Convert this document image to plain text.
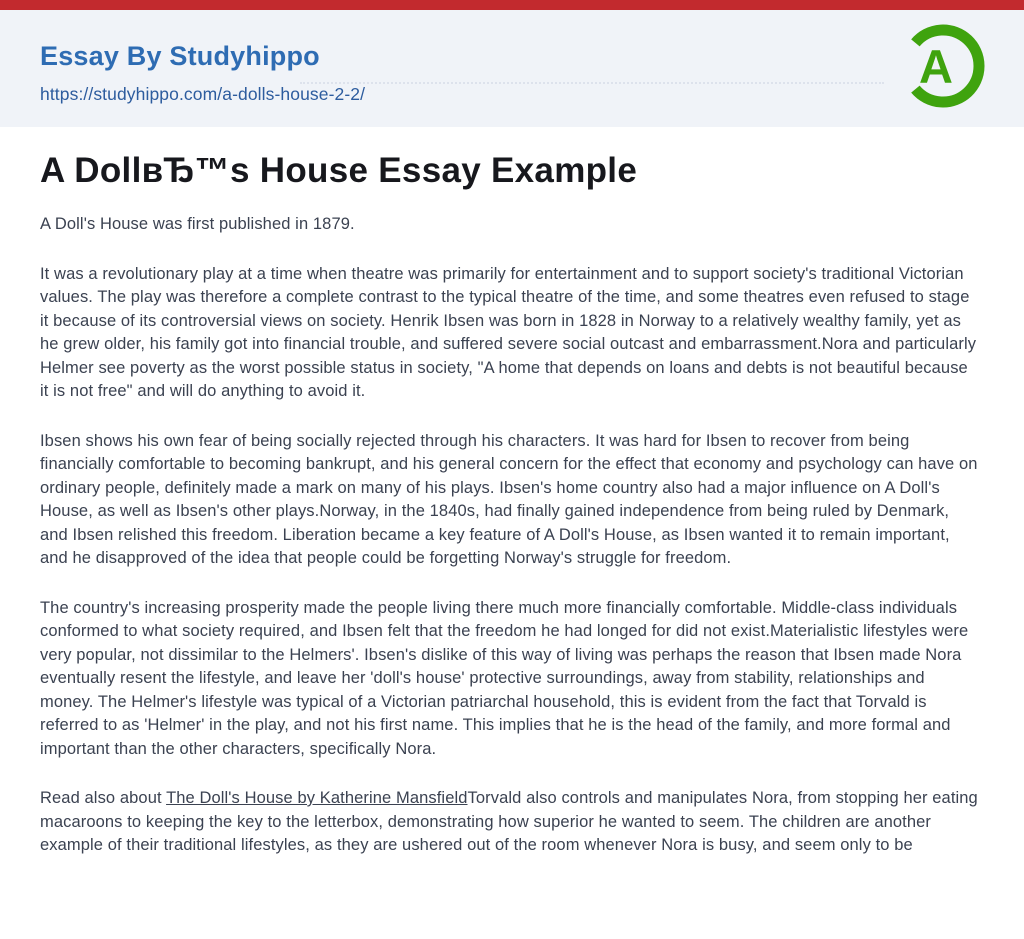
Essay By Studyhippo
https://studyhippo.com/a-dolls-house-2-2/
A
A DollвЂ™s House Essay Example

A Doll's House was first published in 1879.

It was a revolutionary play at a time when theatre was primarily for entertainment and to support society's traditional Victorian values. The play was therefore a complete contrast to the typical theatre of the time, and some theatres even refused to stage it because of its controversial views on society. Henrik Ibsen was born in 1828 in Norway to a relatively wealthy family, yet as he grew older, his family got into financial trouble, and suffered severe social outcast and embarrassment.Nora and particularly Helmer see poverty as the worst possible status in society, "A home that depends on loans and debts is not beautiful because it is not free" and will do anything to avoid it.

Ibsen shows his own fear of being socially rejected through his characters. It was hard for Ibsen to recover from being financially comfortable to becoming bankrupt, and his general concern for the effect that economy and psychology can have on ordinary people, definitely made a mark on many of his plays. Ibsen's home country also had a major influence on A Doll's House, as well as Ibsen's other plays.Norway, in the 1840s, had finally gained independence from being ruled by Denmark, and Ibsen relished this freedom. Liberation became a key feature of A Doll's House, as Ibsen wanted it to remain important, and he disapproved of the idea that people could be forgetting Norway's struggle for freedom.

The country's increasing prosperity made the people living there much more financially comfortable. Middle-class individuals conformed to what society required, and Ibsen felt that the freedom he had longed for did not exist.Materialistic lifestyles were very popular, not dissimilar to the Helmers'. Ibsen's dislike of this way of living was perhaps the reason that Ibsen made Nora eventually resent the lifestyle, and leave her 'doll's house' protective surroundings, away from stability, relationships and money. The Helmer's lifestyle was typical of a Victorian patriarchal household, this is evident from the fact that Torvald is referred to as 'Helmer' in the play, and not his first name. This implies that he is the head of the family, and more formal and important than the other characters, specifically Nora.

Read also about The Doll's House by Katherine MansfieldTorvald also controls and manipulates Nora, from stopping her eating macaroons to keeping the key to the letterbox, demonstrating how superior he wanted to seem. The children are another example of their traditional lifestyles, as they are ushered out of the room whenever Nora is busy, and seem only to be
